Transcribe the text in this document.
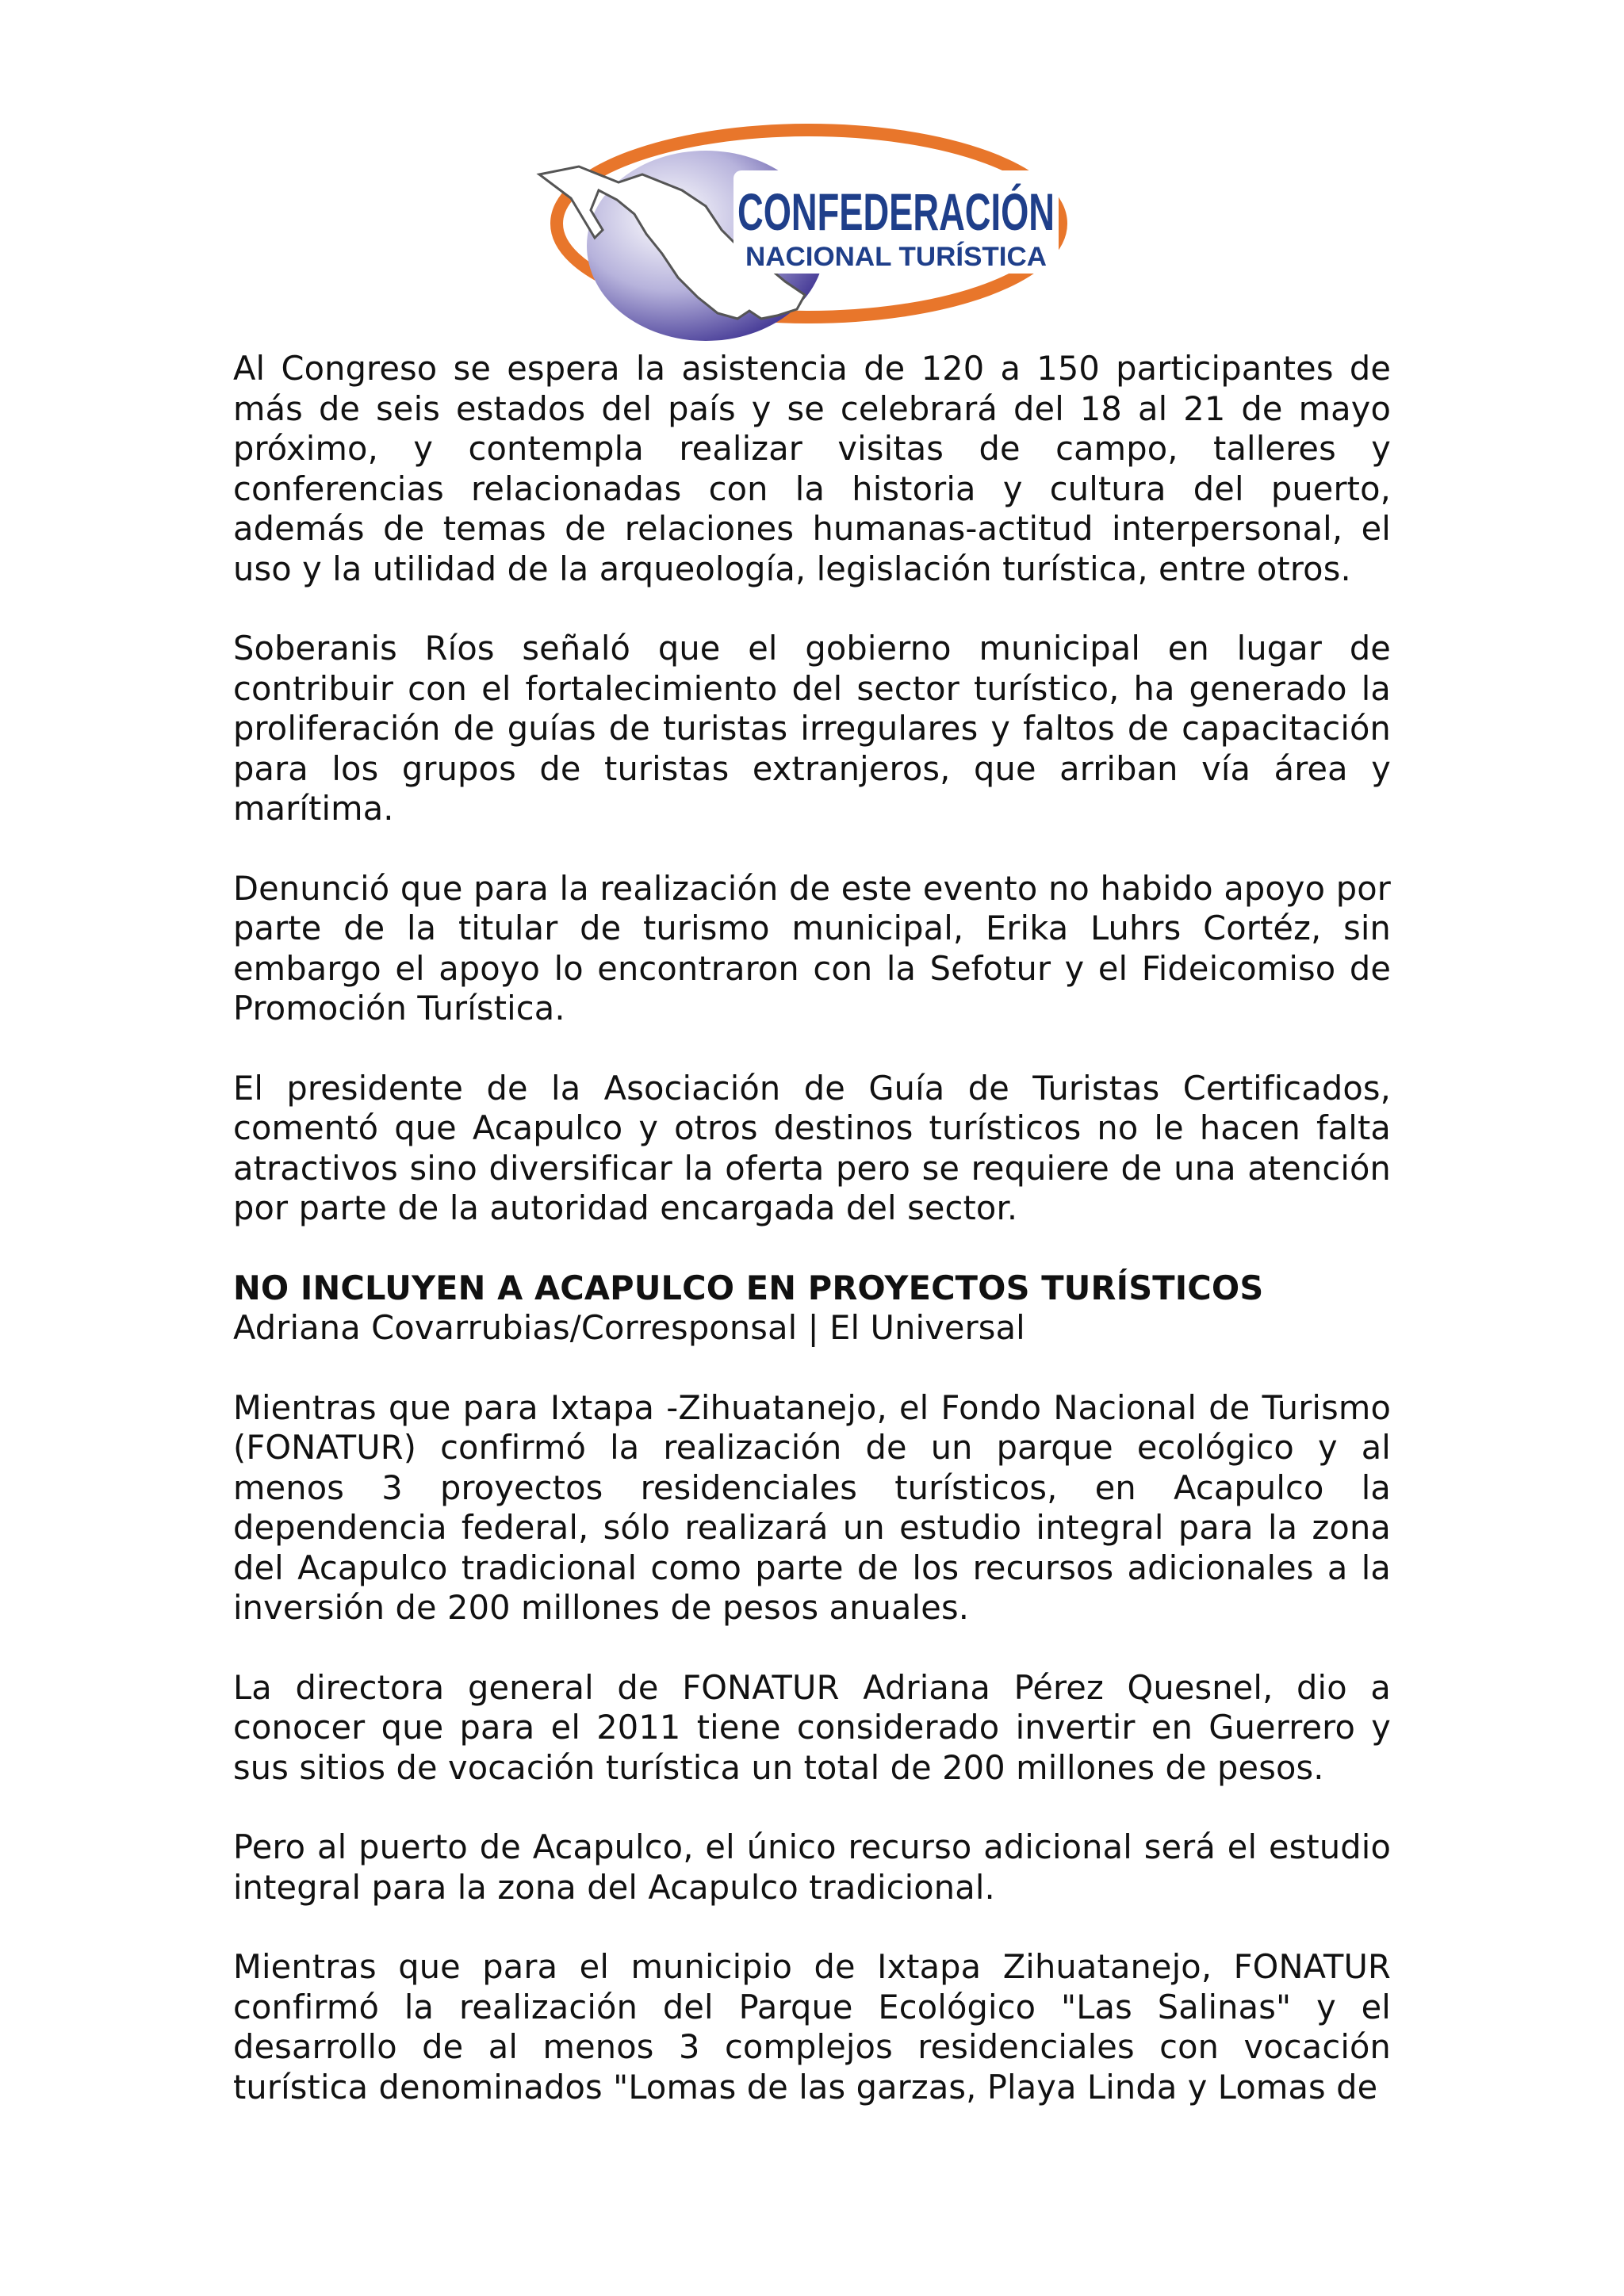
CONFEDERACIÓN
NACIONAL TURÍSTICA

Al Congreso se espera la asistencia de 120 a 150 participantes de más de seis estados del país y se celebrará del 18 al 21 de mayo próximo, y contempla realizar visitas de campo, talleres y conferencias relacionadas con la historia y cultura del puerto, además de temas de relaciones humanas-actitud interpersonal, el uso y la utilidad de la arqueología, legislación turística, entre otros.

Soberanis Ríos señaló que el gobierno municipal en lugar de contribuir con el fortalecimiento del sector turístico, ha generado la proliferación de guías de turistas irregulares y faltos de capacitación para los grupos de turistas extranjeros, que arriban vía área y marítima.

Denunció que para la realización de este evento no habido apoyo por parte de la titular de turismo municipal, Erika Luhrs Cortéz, sin embargo el apoyo lo encontraron con la Sefotur y el Fideicomiso de Promoción Turística.

El presidente de la Asociación de Guía de Turistas Certificados, comentó que Acapulco y otros destinos turísticos no le hacen falta atractivos sino diversificar la oferta pero se requiere de una atención por parte de la autoridad encargada del sector.

NO INCLUYEN A ACAPULCO EN PROYECTOS TURÍSTICOS
Adriana Covarrubias/Corresponsal | El Universal

Mientras que para Ixtapa -Zihuatanejo, el Fondo Nacional de Turismo (FONATUR) confirmó la realización de un parque ecológico y al menos 3 proyectos residenciales turísticos, en Acapulco la dependencia federal, sólo realizará un estudio integral para la zona del Acapulco tradicional como parte de los recursos adicionales a la inversión de 200 millones de pesos anuales.

La directora general de FONATUR Adriana Pérez Quesnel, dio a conocer que para el 2011 tiene considerado invertir en Guerrero y sus sitios de vocación turística un total de 200 millones de pesos.

Pero al puerto de Acapulco, el único recurso adicional será el estudio integral para la zona del Acapulco tradicional.

Mientras que para el municipio de Ixtapa Zihuatanejo, FONATUR confirmó la realización del Parque Ecológico "Las Salinas" y el desarrollo de al menos 3 complejos residenciales con vocación turística denominados "Lomas de las garzas, Playa Linda y Lomas de
